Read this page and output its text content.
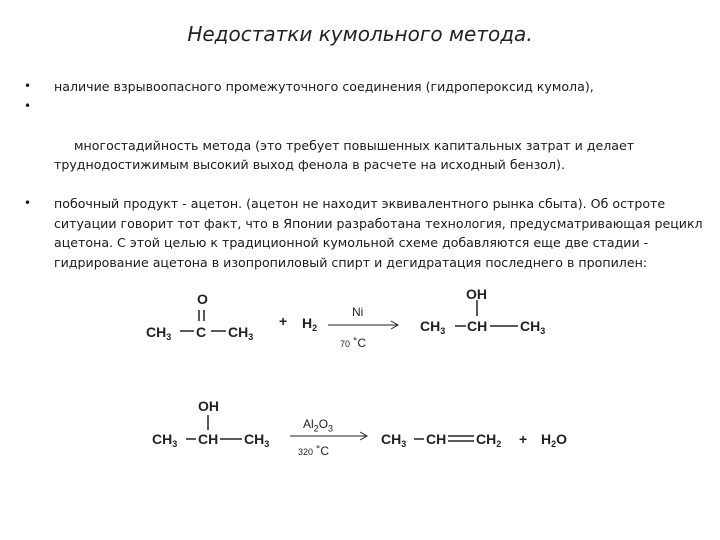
Недостатки кумольного метода.
• наличие взрывоопасного промежуточного соединения (гидропероксид кумола),

•

многостадийность метода (это требует повышенных капитальных затрат и делает труднодостижимым высокий выход фенола в расчете на исходный бензол).

• побочный продукт - ацетон. (ацетон не находит эквивалентного рынка сбыта). Об остроте ситуации говорит тот факт, что в Японии разработана технология, предусматривающая рецикл ацетона. С этой целью к традиционной кумольной схеме добавляются еще две стадии - гидрирование ацетона в изопропиловый спирт и дегидратация последнего в пропилен:
O
$CH_3$ C $CH_3$
+ $H_2$
Ni
70 ˚C
OH
$CH_3$ CH $CH_3$
OH
$CH_3$ CH $CH_3$
$Al_2O_3$
320 ˚C
$CH_3$ CH $CH_2 + H_2O$
